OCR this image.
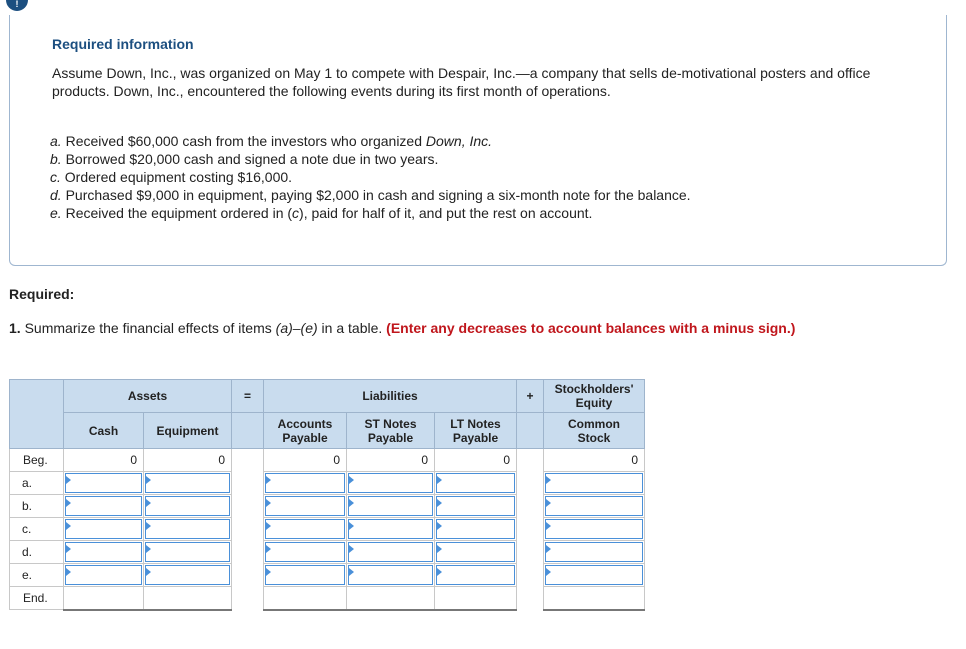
!
Required information
Assume Down, Inc., was organized on May 1 to compete with Despair, Inc.—a company that sells de-motivational posters and office products. Down, Inc., encountered the following events during its first month of operations.
a. Received $60,000 cash from the investors who organized Down, Inc.
b. Borrowed $20,000 cash and signed a note due in two years.
c. Ordered equipment costing $16,000.
d. Purchased $9,000 in equipment, paying $2,000 in cash and signing a six-month note for the balance.
e. Received the equipment ordered in (c), paid for half of it, and put the rest on account.
Required:
1. Summarize the financial effects of items (a)–(e) in a table. (Enter any decreases to account balances with a minus sign.)
	Assets		=	Liabilities			+	Stockholders'
Equity
	Cash	Equipment		Accounts
Payable	ST Notes
Payable	LT Notes
Payable		Common
Stock
Beg.	0	0		0	0	0		0
a.	

b.	

c.	

d.	

e.	

End.								
